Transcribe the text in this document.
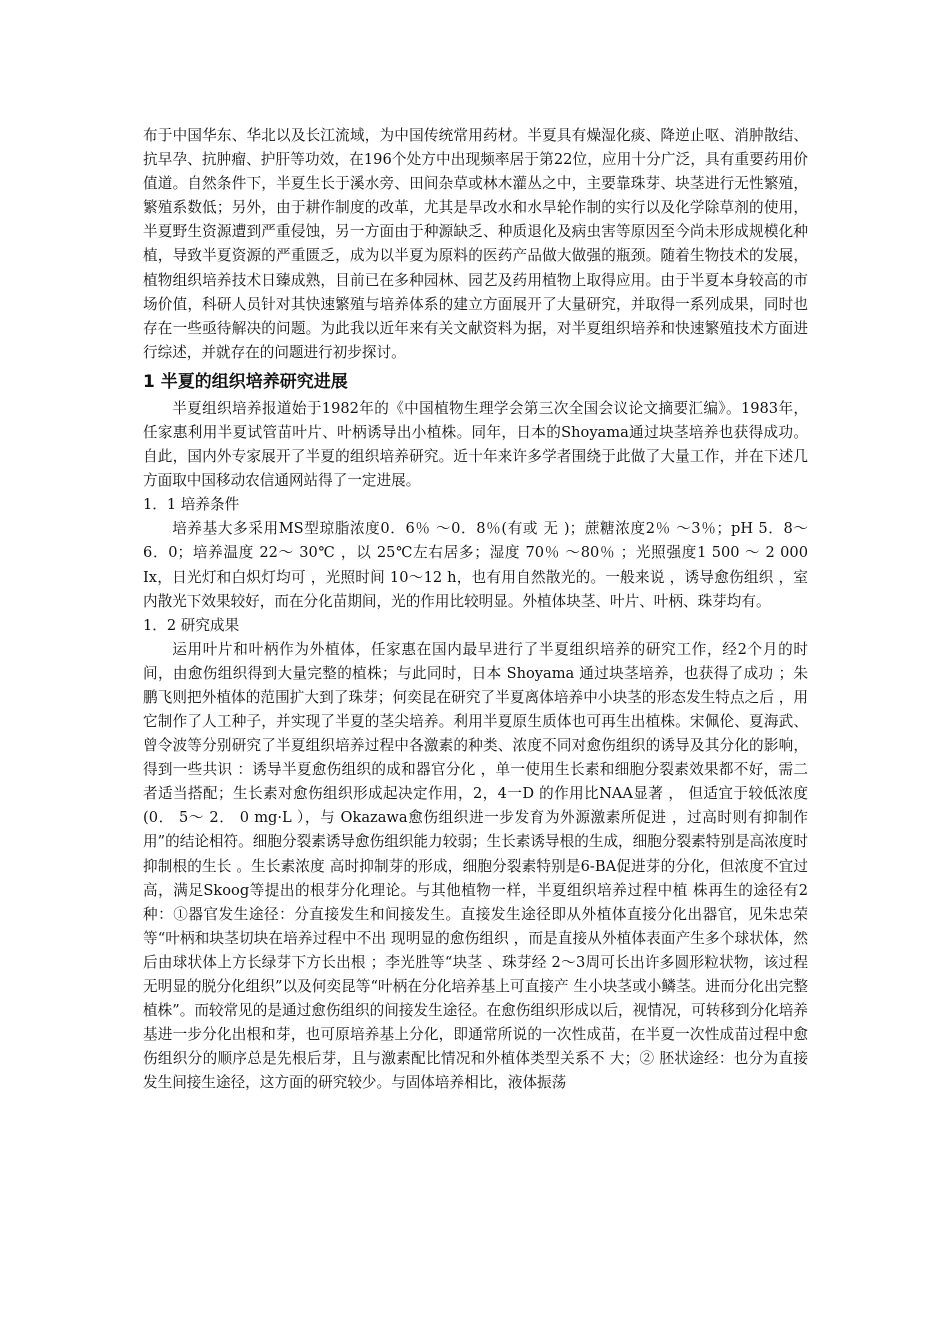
布于中国华东、华北以及长江流域，为中国传统常用药材。半夏具有燥湿化痰、降逆止呕、消肿散结、抗早孕、抗肿瘤、护肝等功效，在196个处方中出现频率居于第22位，应用十分广泛，具有重要药用价值道。自然条件下，半夏生长于溪水旁、田间杂草或林木灌丛之中，主要靠珠芽、块茎进行无性繁殖，繁殖系数低；另外，由于耕作制度的改革，尤其是旱改水和水旱轮作制的实行以及化学除草剂的使用，半夏野生资源遭到严重侵蚀，另一方面由于种源缺乏、种质退化及病虫害等原因至今尚未形成规模化种植，导致半夏资源的严重匮乏，成为以半夏为原料的医药产品做大做强的瓶颈。随着生物技术的发展，植物组织培养技术日臻成熟，目前已在多种园林、园艺及药用植物上取得应用。由于半夏本身较高的市场价值，科研人员针对其快速繁殖与培养体系的建立方面展开了大量研究，并取得一系列成果，同时也存在一些亟待解决的问题。为此我以近年来有关文献资料为据，对半夏组织培养和快速繁殖技术方面进行综述，并就存在的问题进行初步探讨。

1 半夏的组织培养研究进展

半夏组织培养报道始于1982年的《中国植物生理学会第三次全国会议论文摘要汇编》。1983年，任家惠利用半夏试管苗叶片、叶柄诱导出小植株。同年，日本的Shoyama通过块茎培养也获得成功。自此，国内外专家展开了半夏的组织培养研究。近十年来许多学者围绕于此做了大量工作，并在下述几方面取中国移动农信通网站得了一定进展。

1．1 培养条件

培养基大多采用MS型琼脂浓度0．6％ ～0．8％(有或 无 )；蔗糖浓度2％ ～3％；pH 5．8～ 6．0；培养温度 22～ 30℃ ，以 25℃左右居多；湿度 70％ ～80％ ；光照强度1 500 ～ 2 000 Ix，日光灯和白炽灯均可 ，光照时间 10～12 h，也有用自然散光的。一般来说 ，诱导愈伤组织 ，室内散光下效果较好，而在分化苗期间，光的作用比较明显。外植体块茎、叶片、叶柄、珠芽均有。

1．2 研究成果

运用叶片和叶柄作为外植体，任家惠在国内最早进行了半夏组织培养的研究工作，经2个月的时间，由愈伤组织得到大量完整的植株；与此同时，日本 Shoyama 通过块茎培养，也获得了成功 ；朱鹏飞则把外植体的范围扩大到了珠芽；何奕昆在研究了半夏离体培养中小块茎的形态发生特点之后 ，用它制作了人工种子，并实现了半夏的茎尖培养。利用半夏原生质体也可再生出植株。宋佩伦、夏海武、曾令波等分别研究了半夏组织培养过程中各激素的种类、浓度不同对愈伤组织的诱导及其分化的影响，得到一些共识 ：诱导半夏愈伤组织的成和器官分化 ，单一使用生长素和细胞分裂素效果都不好，需二者适当搭配；生长素对愈伤组织形成起决定作用，2，4一D 的作用比NAA显著 ， 但适宜于较低浓度(0． 5～ 2． 0 mg·L ），与 Okazawa愈伤组织进一步发育为外源激素所促进 ，过高时则有抑制作用”的结论相符。细胞分裂素诱导愈伤组织能力较弱；生长素诱导根的生成，细胞分裂素特别是高浓度时抑制根的生长 。生长素浓度 高时抑制芽的形成，细胞分裂素特别是6-BA促进芽的分化，但浓度不宜过高，满足Skoog等提出的根芽分化理论。与其他植物一样，半夏组织培养过程中植 株再生的途径有2种：①器官发生途径：分直接发生和间接发生。直接发生途径即从外植体直接分化出器官，见朱忠荣等“叶柄和块茎切块在培养过程中不出 现明显的愈伤组织 ，而是直接从外植体表面产生多个球状体，然后由球状体上方长绿芽下方长出根 ；李光胜等“块茎 、珠芽经 2～3周可长出许多圆形粒状物，该过程无明显的脱分化组织”以及何奕昆等“叶柄在分化培养基上可直接产 生小块茎或小鳞茎。进而分化出完整植株”。而较常见的是通过愈伤组织的间接发生途径。在愈伤组织形成以后，视情况，可转移到分化培养基进一步分化出根和芽，也可原培养基上分化，即通常所说的一次性成苗，在半夏一次性成苗过程中愈伤组织分的顺序总是先根后芽，且与激素配比情况和外植体类型关系不 大；② 胚状途经：也分为直接发生间接生途径，这方面的研究较少。与固体培养相比，液体振荡
